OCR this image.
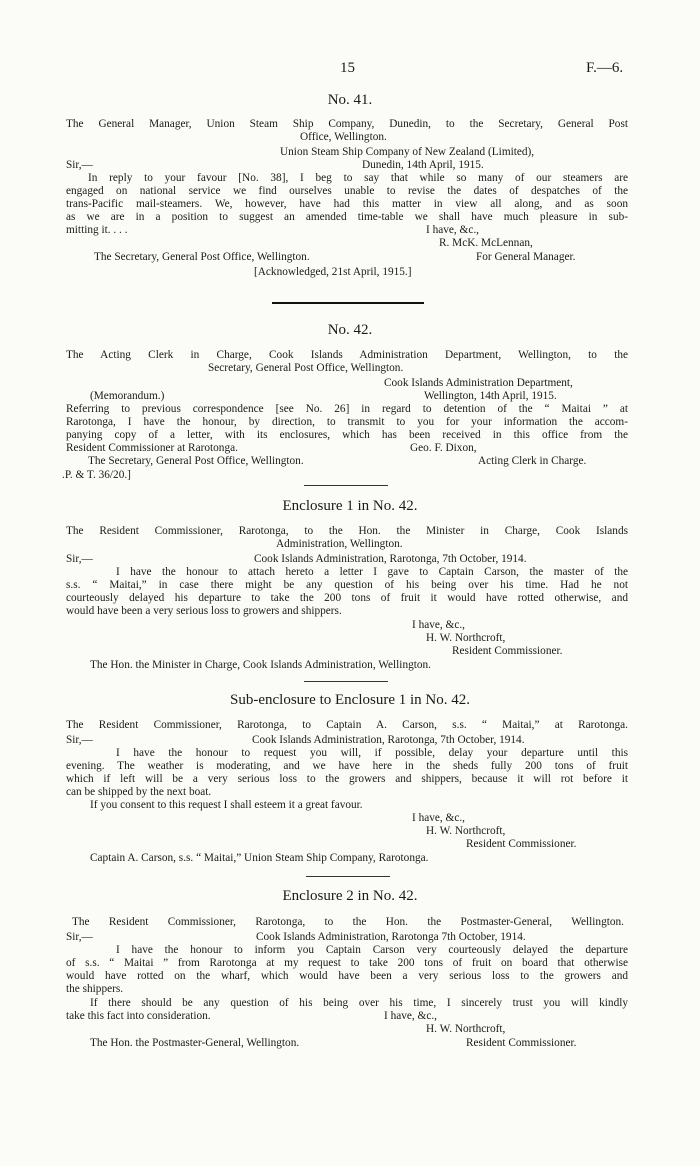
15	F.—6.
No. 41.
The General Manager, Union Steam Ship Company, Dunedin, to the Secretary, General Post
Office, Wellington.
Union Steam Ship Company of New Zealand (Limited),
Sir,—	Dunedin, 14th April, 1915.
In reply to your favour [No. 38], I beg to say that while so many of our steamers are
engaged on national service we find ourselves unable to revise the dates of despatches of the
trans-Pacific mail-steamers. We, however, have had this matter in view all along, and as soon
as we are in a position to suggest an amended time-table we shall have much pleasure in sub-
mitting it. . . .	I have, &c.,
R. McK. McLennan,
The Secretary, General Post Office, Wellington.	For General Manager.
[Acknowledged, 21st April, 1915.]
No. 42.
The Acting Clerk in Charge, Cook Islands Administration Department, Wellington, to the
Secretary, General Post Office, Wellington.
Cook Islands Administration Department,
(Memorandum.)	Wellington, 14th April, 1915.
Referring to previous correspondence [see No. 26] in regard to detention of the “ Maitai ” at
Rarotonga, I have the honour, by direction, to transmit to you for your information the accom-
panying copy of a letter, with its enclosures, which has been received in this office from the
Resident Commissioner at Rarotonga.	Geo. F. Dixon,
The Secretary, General Post Office, Wellington.	Acting Clerk in Charge.
.P. & T. 36/20.]
Enclosure 1 in No. 42.
The Resident Commissioner, Rarotonga, to the Hon. the Minister in Charge, Cook Islands
Administration, Wellington.
Sir,—	Cook Islands Administration, Rarotonga, 7th October, 1914.
I have the honour to attach hereto a letter I gave to Captain Carson, the master of the
s.s. “ Maitai,” in case there might be any question of his being over his time. Had he not
courteously delayed his departure to take the 200 tons of fruit it would have rotted otherwise, and
would have been a very serious loss to growers and shippers.
I have, &c.,
H. W. Northcroft,
Resident Commissioner.
The Hon. the Minister in Charge, Cook Islands Administration, Wellington.
Sub-enclosure to Enclosure 1 in No. 42.
The Resident Commissioner, Rarotonga, to Captain A. Carson, s.s. “ Maitai,” at Rarotonga.
Sir,—	Cook Islands Administration, Rarotonga, 7th October, 1914.
I have the honour to request you will, if possible, delay your departure until this
evening. The weather is moderating, and we have here in the sheds fully 200 tons of fruit
which if left will be a very serious loss to the growers and shippers, because it will rot before it
can be shipped by the next boat.
If you consent to this request I shall esteem it a great favour.
I have, &c.,
H. W. Northcroft,
Resident Commissioner.
Captain A. Carson, s.s. “ Maitai,” Union Steam Ship Company, Rarotonga.
Enclosure 2 in No. 42.
The Resident Commissioner, Rarotonga, to the Hon. the Postmaster-General, Wellington.
Sir,—	Cook Islands Administration, Rarotonga 7th October, 1914.
I have the honour to inform you Captain Carson very courteously delayed the departure
of s.s. “ Maitai ” from Rarotonga at my request to take 200 tons of fruit on board that otherwise
would have rotted on the wharf, which would have been a very serious loss to the growers and
the shippers.
If there should be any question of his being over his time, I sincerely trust you will kindly
take this fact into consideration.	I have, &c.,
H. W. Northcroft,
The Hon. the Postmaster-General, Wellington.	Resident Commissioner.
